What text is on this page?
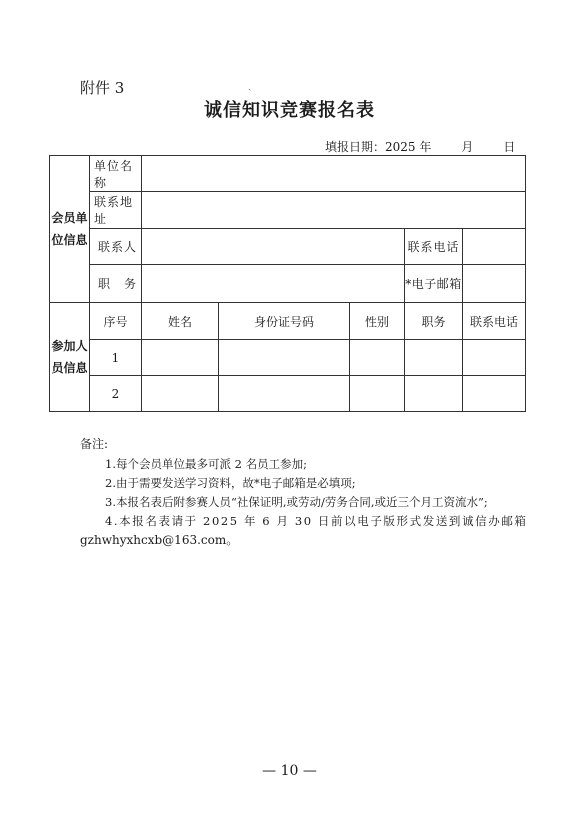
附件 3	ˎ
诚信知识竞赛报名表
填报日期：2025 年	月	日
会员单
位信息	单位名称					
	联系地址					
	联系人				联系电话	
	职　务				*电子邮箱	

参加人
员信息	序号	姓名	身份证号码	性别	职务	联系电话
	1					
	2					
备注:
1.每个会员单位最多可派 2 名员工参加;
2.由于需要发送学习资料，故*电子邮箱是必填项;
3.本报名表后附参赛人员“社保证明,或劳动/劳务合同,或近三个月工资流水”;
4.本报名表请于 2025 年 6 月 30 日前以电子版形式发送到诚信办邮箱
gzhwhyxhcxb@163.com。
— 10 —
